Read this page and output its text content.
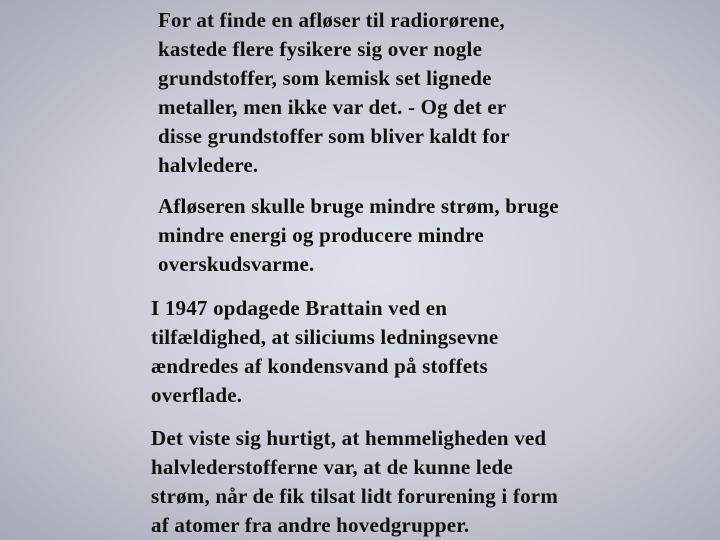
For at finde en afløser til radiorørene,
kastede flere fysikere sig over nogle
grundstoffer, som kemisk set lignede
metaller, men ikke var det. - Og det er
disse grundstoffer som bliver kaldt for
halvledere.

Afløseren skulle bruge mindre strøm, bruge
mindre energi og producere mindre
overskudsvarme.

I 1947 opdagede Brattain ved en
tilfældighed, at siliciums ledningsevne
ændredes af kondensvand på stoffets
overflade.

Det viste sig hurtigt, at hemmeligheden ved
halvlederstofferne var, at de kunne lede
strøm, når de fik tilsat lidt forurening i form
af atomer fra andre hovedgrupper.
